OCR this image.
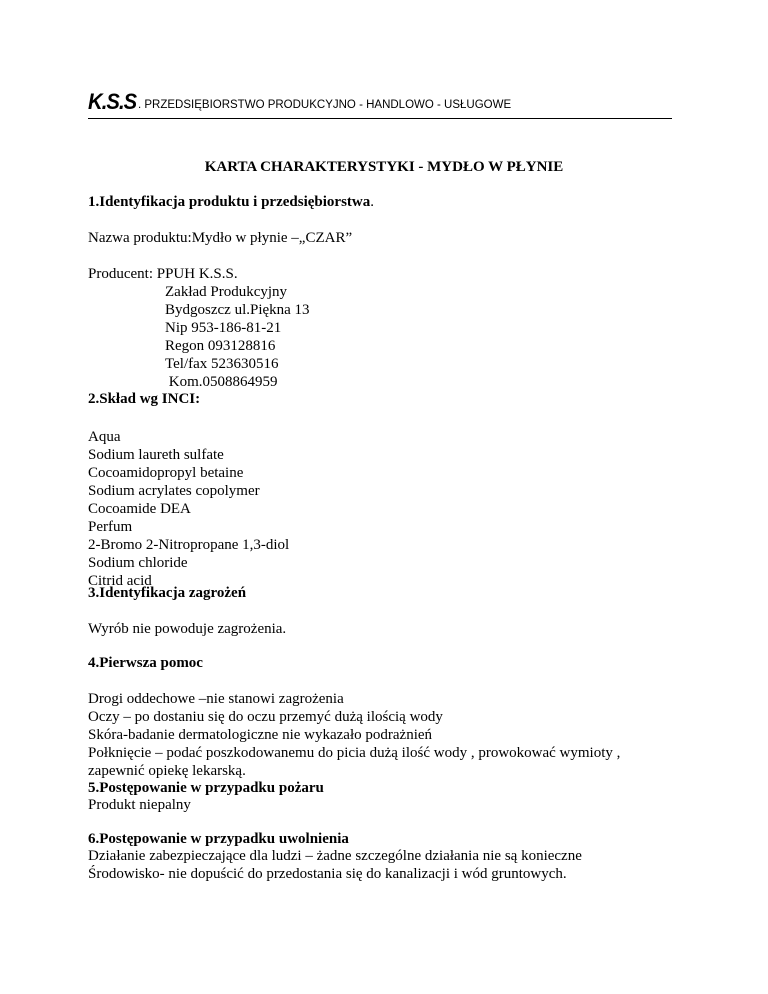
K.S.S . PRZEDSIĘBIORSTWO PRODUKCYJNO - HANDLOWO - USŁUGOWE
KARTA CHARAKTERYSTYKI - MYDŁO W PŁYNIE
1.Identyfikacja produktu i przedsiębiorstwa.
Nazwa produktu:Mydło w płynie –„CZAR”
Producent: PPUH K.S.S.
Zakład Produkcyjny
Bydgoszcz ul.Piękna 13
Nip 953-186-81-21
Regon 093128816
Tel/fax 523630516
Kom.0508864959
2.Skład wg INCI:
Aqua
Sodium laureth sulfate
Cocoamidopropyl betaine
Sodium acrylates copolymer
Cocoamide DEA
Perfum
2-Bromo 2-Nitropropane 1,3-diol
Sodium chloride
Citrid acid
3.Identyfikacja zagrożeń
Wyrób nie powoduje zagrożenia.
4.Pierwsza pomoc
Drogi oddechowe –nie stanowi zagrożenia
Oczy – po dostaniu się do oczu przemyć dużą ilością wody
Skóra-badanie dermatologiczne nie wykazało podrażnień
Połknięcie – podać poszkodowanemu do picia dużą ilość wody , prowokować wymioty ,
zapewnić opiekę lekarską.
5.Postępowanie w przypadku pożaru
Produkt niepalny
6.Postępowanie w przypadku uwolnienia
Działanie zabezpieczające dla ludzi – żadne szczególne działania nie są konieczne
Środowisko- nie dopuścić do przedostania się do kanalizacji i wód gruntowych.
